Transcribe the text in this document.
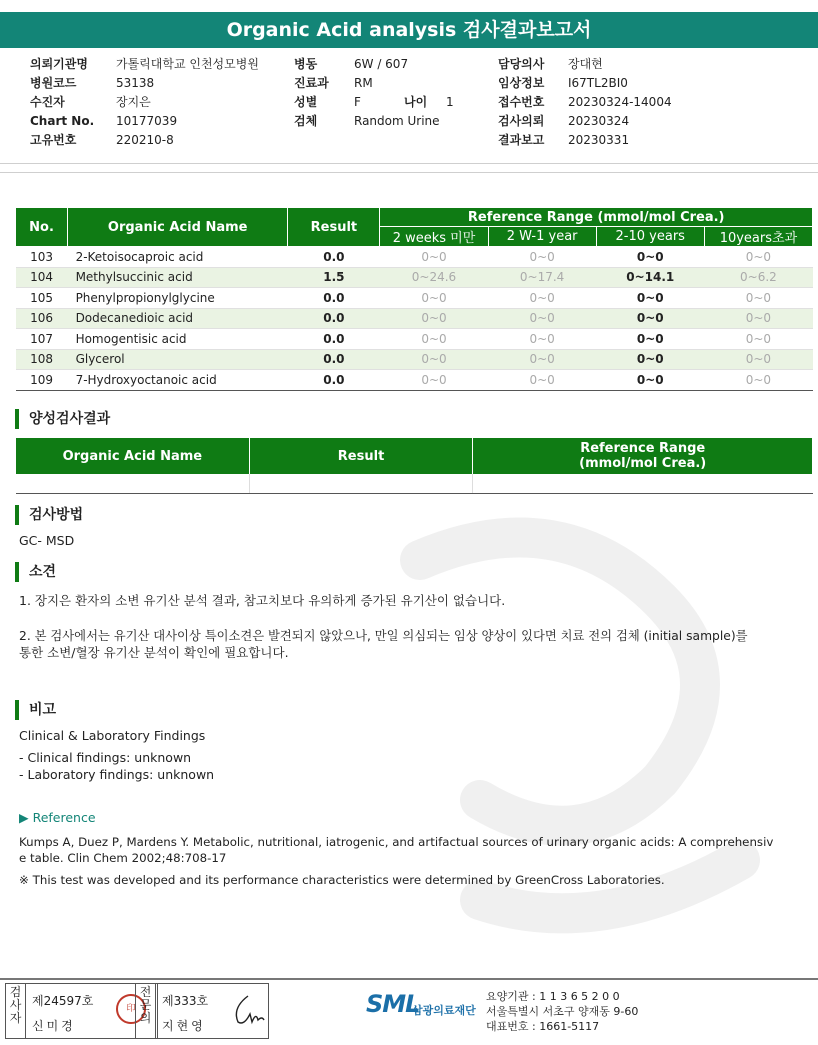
Organic Acid analysis 검사결과보고서
의뢰기관명 가톨릭대학교 인천성모병원
병원코드	53138
수진자	장지은
Chart No. 10177039
고유번호	220210-8
병동	6W / 607
진료과 RM
성별	F	나이 1
검체	Random Urine
담당의사 장대현
임상정보 I67TL2BI0
접수번호 20230324-14004
검사의뢰 20230324
결과보고 20230331
No.	Organic Acid Name	Result	Reference Range (mmol/mol Crea.)			
			2 weeks 미만	2 W-1 year	2-10 years	10years초과
103	2-Ketoisocaproic acid	0.0	0~0	0~0	0~0	0~0
104	Methylsuccinic acid	1.5	0~24.6	0~17.4	0~14.1	0~6.2
105	Phenylpropionylglycine	0.0	0~0	0~0	0~0	0~0
106	Dodecanedioic acid	0.0	0~0	0~0	0~0	0~0
107	Homogentisic acid	0.0	0~0	0~0	0~0	0~0
108	Glycerol	0.0	0~0	0~0	0~0	0~0
109	7-Hydroxyoctanoic acid	0.0	0~0	0~0	0~0	0~0
양성검사결과
Organic Acid Name	Result	Reference Range
(mmol/mol Crea.)

검사방법
GC- MSD
소견
1. 장지은 환자의 소변 유기산 분석 결과, 참고치보다 유의하게 증가된 유기산이 없습니다.
2. 본 검사에서는 유기산 대사이상 특이소견은 발견되지 않았으나, 만일 의심되는 임상 양상이 있다면 치료 전의 검체 (initial sample)를
통한 소변/혈장 유기산 분석이 확인에 필요합니다.
비고
Clinical & Laboratory Findings
- Clinical findings: unknown
- Laboratory findings: unknown
▶ Reference
Kumps A, Duez P, Mardens Y. Metabolic, nutritional, iatrogenic, and artifactual sources of urinary organic acids: A comprehensiv
e table. Clin Chem 2002;48:708-17
※ This test was developed and its performance characteristics were determined by GreenCross Laboratories.
검사자
제24597호
신미경
印
전문의
제333호
지현영
SML
삼광의료재단
요양기관 : 1 1 3 6 5 2 0 0
서울특별시 서초구 양재동 9-60
대표번호 : 1661-5117
